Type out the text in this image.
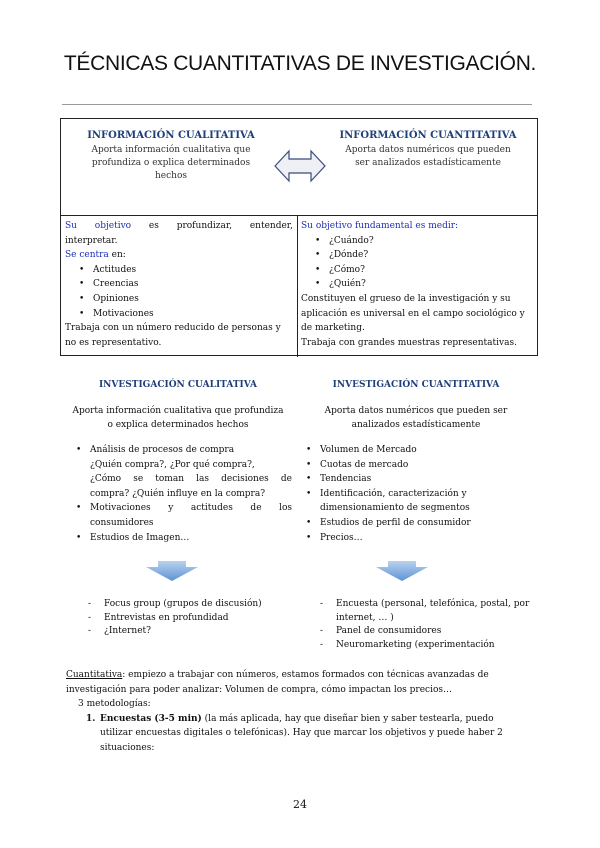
TÉCNICAS CUANTITATIVAS DE INVESTIGACIÓN.
INFORMACIÓN CUALITATIVA
Aporta información cualitativa que
profundiza o explica determinados
hechos
INFORMACIÓN CUANTITATIVA
Aporta datos numéricos que pueden
ser analizados estadísticamente
Su objetivo es profundizar, entender,
interpretar.
Se centra en:
• Actitudes
• Creencias
• Opiniones
• Motivaciones
Trabaja con un número reducido de personas y
no es representativo.
Su objetivo fundamental es medir:
• ¿Cuándo?
• ¿Dónde?
• ¿Cómo?
• ¿Quién?
Constituyen el grueso de la investigación y su
aplicación es universal en el campo sociológico y
de marketing.
Trabaja con grandes muestras representativas.
INVESTIGACIÓN CUALITATIVA
Aporta información cualitativa que profundiza
o explica determinados hechos
• Análisis de procesos de compra
¿Quién compra?, ¿Por qué compra?,
¿Cómo se toman las decisiones de
compra? ¿Quién influye en la compra?
• Motivaciones y actitudes de los
consumidores
• Estudios de Imagen…
INVESTIGACIÓN CUANTITATIVA
Aporta datos numéricos que pueden ser
analizados estadísticamente
• Volumen de Mercado
• Cuotas de mercado
• Tendencias
• Identificación, caracterización y
dimensionamiento de segmentos
• Estudios de perfil de consumidor
• Precios…
- Focus group (grupos de discusión)
- Entrevistas en profundidad
- ¿Internet?
- Encuesta (personal, telefónica, postal, por
internet, … )
- Panel de consumidores
- Neuromarketing (experimentación
Cuantitativa: empiezo a trabajar con números, estamos formados con técnicas avanzadas de
investigación para poder analizar: Volumen de compra, cómo impactan los precios…
3 metodologías:
1. Encuestas (3-5 min) (la más aplicada, hay que diseñar bien y saber testearla, puedo
utilizar encuestas digitales o telefónicas). Hay que marcar los objetivos y puede haber 2
situaciones:
24
